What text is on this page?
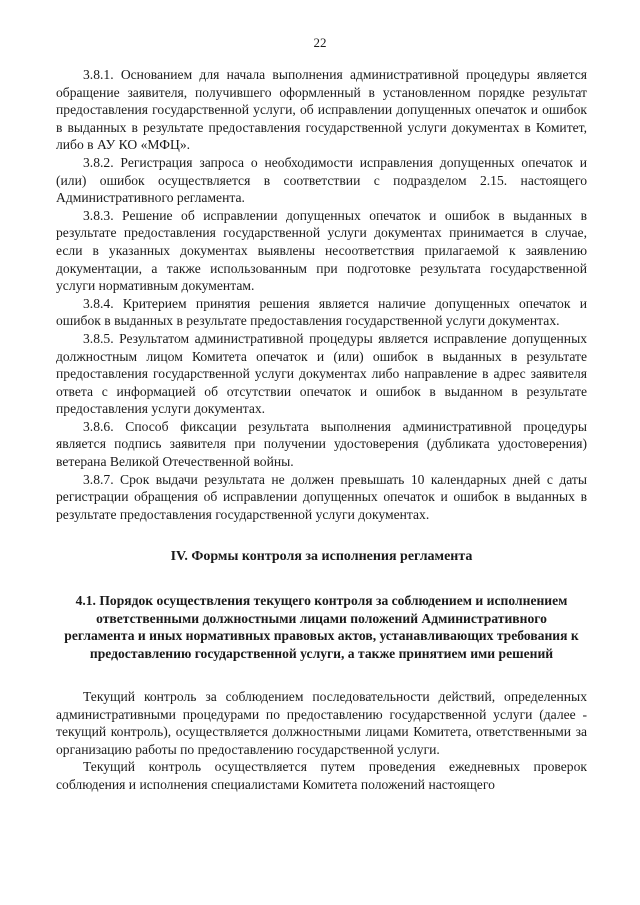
22

3.8.1. Основанием для начала выполнения административной процедуры является обращение заявителя, получившего оформленный в установленном порядке результат предоставления государственной услуги, об исправлении допущенных опечаток и ошибок в выданных в результате предоставления государственной услуги документах в Комитет, либо в АУ КО «МФЦ».

3.8.2. Регистрация запроса о необходимости исправления допущенных опечаток и (или) ошибок осуществляется в соответствии с подразделом 2.15. настоящего Административного регламента.

3.8.3. Решение об исправлении допущенных опечаток и ошибок в выданных в результате предоставления государственной услуги документах принимается в случае, если в указанных документах выявлены несоответствия прилагаемой к заявлению документации, а также использованным при подготовке результата государственной услуги нормативным документам.

3.8.4. Критерием принятия решения является наличие допущенных опечаток и ошибок в выданных в результате предоставления государственной услуги документах.

3.8.5. Результатом административной процедуры является исправление допущенных должностным лицом Комитета опечаток и (или) ошибок в выданных в результате предоставления государственной услуги документах либо направление в адрес заявителя ответа с информацией об отсутствии опечаток и ошибок в выданном в результате предоставления услуги документах.

3.8.6. Способ фиксации результата выполнения административной процедуры является подпись заявителя при получении удостоверения (дубликата удостоверения) ветерана Великой Отечественной войны.

3.8.7. Срок выдачи результата не должен превышать 10 календарных дней с даты регистрации обращения об исправлении допущенных опечаток и ошибок в выданных в результате предоставления государственной услуги документах.

IV. Формы контроля за исполнения регламента
4.1. Порядок осуществления текущего контроля за соблюдением и исполнением ответственными должностными лицами положений Административного регламента и иных нормативных правовых актов, устанавливающих требования к предоставлению государственной услуги, а также принятием ими решений

Текущий контроль за соблюдением последовательности действий, определенных административными процедурами по предоставлению государственной услуги (далее - текущий контроль), осуществляется должностными лицами Комитета, ответственными за организацию работы по предоставлению государственной услуги.

Текущий контроль осуществляется путем проведения ежедневных проверок соблюдения и исполнения специалистами Комитета положений настоящего
